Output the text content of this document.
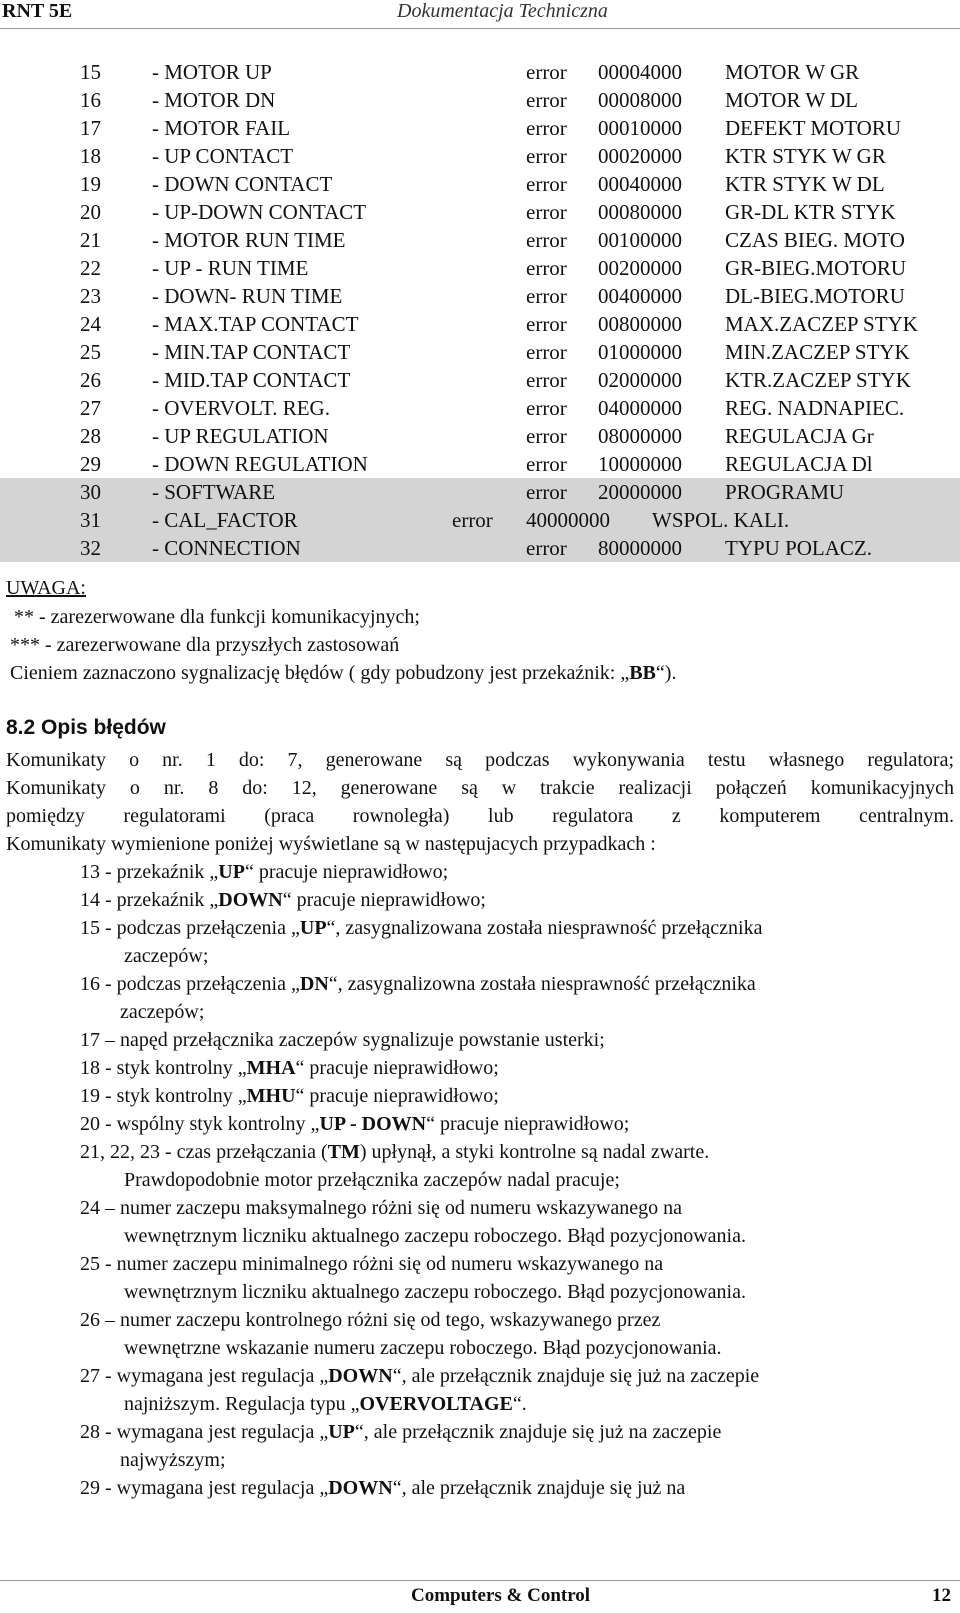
RNT 5E	Dokumentacja Techniczna
15 - MOTOR UP	error 00004000 MOTOR W GR
16 - MOTOR DN	error 00008000 MOTOR W DL
17 - MOTOR FAIL	error 00010000 DEFEKT MOTORU
18 - UP CONTACT	error 00020000 KTR STYK W GR
19 - DOWN CONTACT	error 00040000 KTR STYK W DL
20 - UP-DOWN CONTACT	error 00080000 GR-DL KTR STYK
21 - MOTOR RUN TIME	error 00100000 CZAS BIEG. MOTO
22 - UP - RUN TIME	error 00200000 GR-BIEG.MOTORU
23 - DOWN- RUN TIME	error 00400000 DL-BIEG.MOTORU
24 - MAX.TAP CONTACT	error 00800000 MAX.ZACZEP STYK
25 - MIN.TAP CONTACT	error 01000000 MIN.ZACZEP STYK
26 - MID.TAP CONTACT	error 02000000 KTR.ZACZEP STYK
27 - OVERVOLT. REG.	error 04000000 REG. NADNAPIEC.
28 - UP REGULATION	error 08000000 REGULACJA Gr
29 - DOWN REGULATION	error 10000000 REGULACJA Dl
30 - SOFTWARE	error 20000000 PROGRAMU
31 - CAL_FACTOR	error 40000000 WSPOL. KALI.
32 - CONNECTION	error 80000000 TYPU POLACZ.
UWAGA:
** - zarezerwowane dla funkcji komunikacyjnych;
*** - zarezerwowane dla przyszłych zastosowań
Cieniem zaznaczono sygnalizację błędów ( gdy pobudzony jest przekaźnik: „BB“).
8.2 Opis błędów
Komunikaty o nr. 1 do: 7, generowane są podczas wykonywania testu własnego regulatora;
Komunikaty o nr. 8 do: 12, generowane są w trakcie realizacji połączeń komunikacyjnych
pomiędzy regulatorami (praca rownoległa) lub regulatora z komputerem centralnym.
Komunikaty wymienione poniżej wyświetlane są w następujacych przypadkach :
13 - przekaźnik „UP“ pracuje nieprawidłowo;
14 - przekaźnik „DOWN“ pracuje nieprawidłowo;
15 - podczas przełączenia „UP“, zasygnalizowana została niesprawność przełącznika
zaczepów;
16 - podczas przełączenia „DN“, zasygnalizowna została niesprawność przełącznika
zaczepów;
17 – napęd przełącznika zaczepów sygnalizuje powstanie usterki;
18 - styk kontrolny „MHA“ pracuje nieprawidłowo;
19 - styk kontrolny „MHU“ pracuje nieprawidłowo;
20 - wspólny styk kontrolny „UP - DOWN“ pracuje nieprawidłowo;
21, 22, 23 - czas przełączania (TM) upłynął, a styki kontrolne są nadal zwarte.
Prawdopodobnie motor przełącznika zaczepów nadal pracuje;
24 – numer zaczepu maksymalnego różni się od numeru wskazywanego na
wewnętrznym liczniku aktualnego zaczepu roboczego. Błąd pozycjonowania.
25 - numer zaczepu minimalnego różni się od numeru wskazywanego na
wewnętrznym liczniku aktualnego zaczepu roboczego. Błąd pozycjonowania.
26 – numer zaczepu kontrolnego różni się od tego, wskazywanego przez
wewnętrzne wskazanie numeru zaczepu roboczego. Błąd pozycjonowania.
27 - wymagana jest regulacja „DOWN“, ale przełącznik znajduje się już na zaczepie
najniższym. Regulacja typu „OVERVOLTAGE“.
28 - wymagana jest regulacja „UP“, ale przełącznik znajduje się już na zaczepie
najwyższym;
29 - wymagana jest regulacja „DOWN“, ale przełącznik znajduje się już na
Computers & Control	12
